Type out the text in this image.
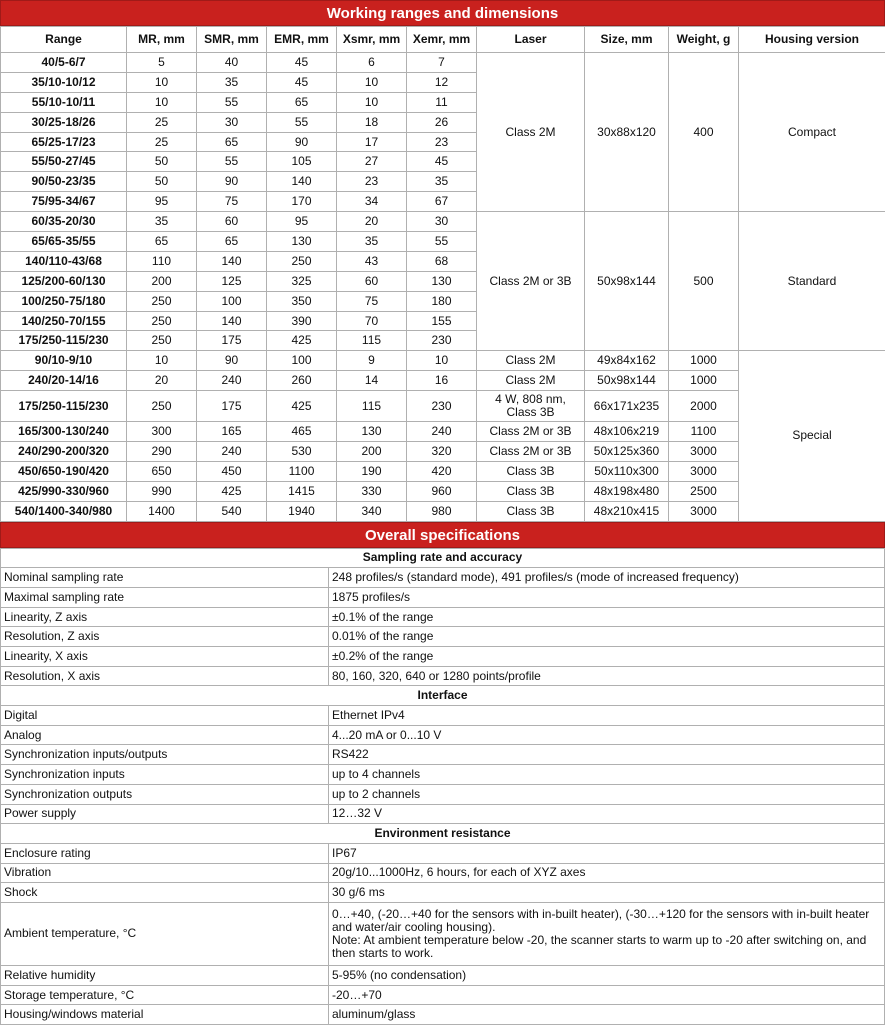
Working ranges and dimensions
Range	MR, mm	SMR, mm	EMR, mm	Xsmr, mm	Xemr, mm	Laser	Size, mm	Weight, g	Housing version
40/5-6/7	5	40	45	6	7	Class 2M	30x88x120	400	Compact
35/10-10/12	10	35	45	10	12				
55/10-10/11	10	55	65	10	11				
30/25-18/26	25	30	55	18	26				
65/25-17/23	25	65	90	17	23				
55/50-27/45	50	55	105	27	45				
90/50-23/35	50	90	140	23	35				
75/95-34/67	95	75	170	34	67				
60/35-20/30	35	60	95	20	30	Class 2M or 3B	50x98x144	500	Standard
65/65-35/55	65	65	130	35	55				
140/110-43/68	110	140	250	43	68				
125/200-60/130	200	125	325	60	130				
100/250-75/180	250	100	350	75	180				
140/250-70/155	250	140	390	70	155				
175/250-115/230	250	175	425	115	230				
90/10-9/10	10	90	100	9	10	Class 2M	49x84x162	1000	Special
240/20-14/16	20	240	260	14	16	Class 2M	50x98x144	1000	
175/250-115/230	250	175	425	115	230	4 W, 808 nm, Class 3B	66x171x235	2000	
165/300-130/240	300	165	465	130	240	Class 2M or 3B	48x106x219	1100	
240/290-200/320	290	240	530	200	320	Class 2M or 3B	50x125x360	3000	
450/650-190/420	650	450	1100	190	420	Class 3B	50x110x300	3000	
425/990-330/960	990	425	1415	330	960	Class 3B	48x198x480	2500	
540/1400-340/980	1400	540	1940	340	980	Class 3B	48x210x415	3000	
Overall specifications
Sampling rate and accuracy	
Nominal sampling rate	248 profiles/s (standard mode), 491 profiles/s (mode of increased frequency)
Maximal sampling rate	1875 profiles/s
Linearity, Z axis	±0.1% of the range
Resolution, Z axis	0.01% of the range
Linearity, X axis	±0.2% of the range
Resolution, X axis	80, 160, 320, 640 or 1280 points/profile
Interface	
Digital	Ethernet IPv4
Analog	4...20 mA or 0...10 V
Synchronization inputs/outputs	RS422
Synchronization inputs	up to 4 channels
Synchronization outputs	up to 2 channels
Power supply	12…32 V
Environment resistance	
Enclosure rating	IP67
Vibration	20g/10...1000Hz, 6 hours, for each of XYZ axes
Shock	30 g/6 ms
Ambient temperature, °C	0…+40, (-20…+40 for the sensors with in-built heater), (-30…+120 for the sensors with in-built heater and water/air cooling housing).
Note: At ambient temperature below -20, the scanner starts to warm up to -20 after switching on, and then starts to work.

Relative humidity	5-95% (no condensation)
Storage temperature, °C	-20…+70
Housing/windows material	aluminum/glass
